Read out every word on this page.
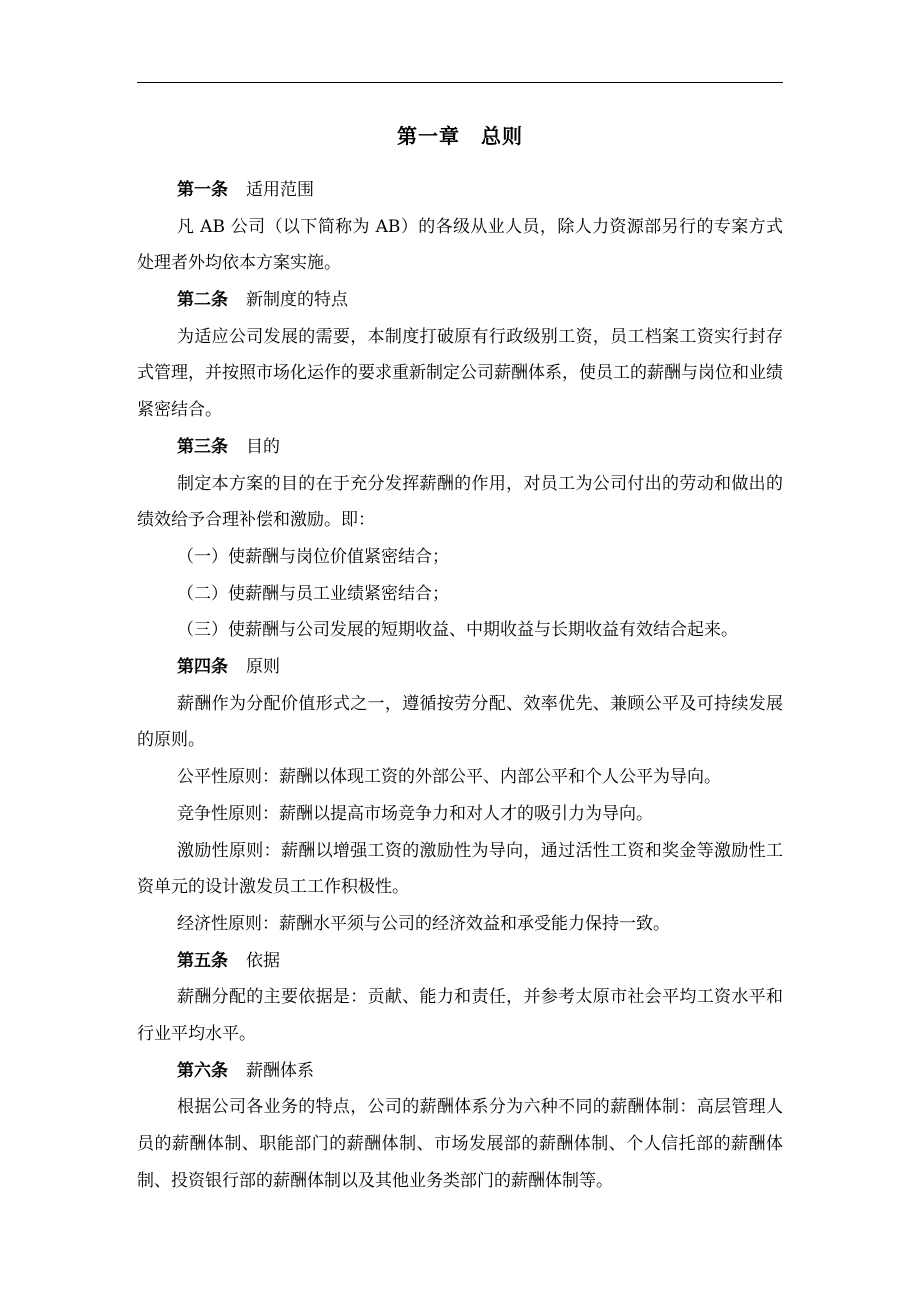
第一章　总则
第一条 适用范围

凡 AB 公司（以下简称为 AB）的各级从业人员，除人力资源部另行的专案方式处理者外均依本方案实施。

第二条 新制度的特点

为适应公司发展的需要，本制度打破原有行政级别工资，员工档案工资实行封存式管理，并按照市场化运作的要求重新制定公司薪酬体系，使员工的薪酬与岗位和业绩紧密结合。

第三条 目的

制定本方案的目的在于充分发挥薪酬的作用，对员工为公司付出的劳动和做出的绩效给予合理补偿和激励。即：

（一）使薪酬与岗位价值紧密结合；

（二）使薪酬与员工业绩紧密结合；

（三）使薪酬与公司发展的短期收益、中期收益与长期收益有效结合起来。

第四条 原则

薪酬作为分配价值形式之一，遵循按劳分配、效率优先、兼顾公平及可持续发展的原则。

公平性原则：薪酬以体现工资的外部公平、内部公平和个人公平为导向。

竞争性原则：薪酬以提高市场竞争力和对人才的吸引力为导向。

激励性原则：薪酬以增强工资的激励性为导向，通过活性工资和奖金等激励性工资单元的设计激发员工工作积极性。

经济性原则：薪酬水平须与公司的经济效益和承受能力保持一致。

第五条 依据

薪酬分配的主要依据是：贡献、能力和责任，并参考太原市社会平均工资水平和行业平均水平。

第六条 薪酬体系

根据公司各业务的特点，公司的薪酬体系分为六种不同的薪酬体制：高层管理人员的薪酬体制、职能部门的薪酬体制、市场发展部的薪酬体制、个人信托部的薪酬体制、投资银行部的薪酬体制以及其他业务类部门的薪酬体制等。
